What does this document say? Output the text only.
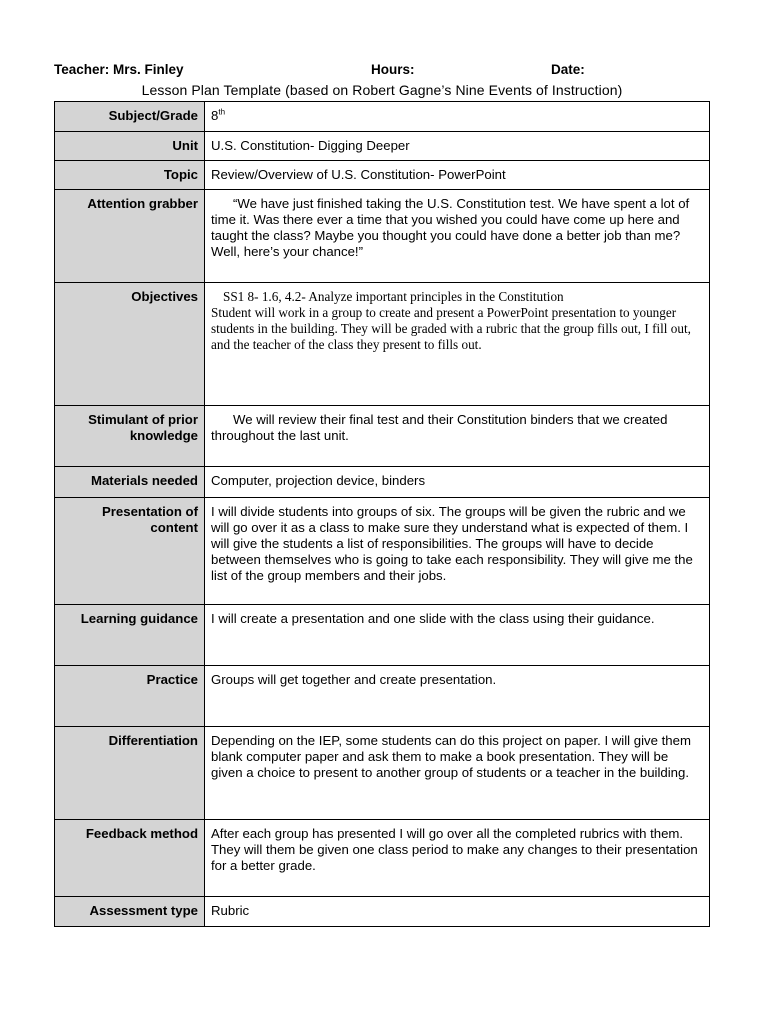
Teacher: Mrs. Finley	Hours:	Date:
Lesson Plan Template (based on Robert Gagne’s Nine Events of Instruction)
Subject/Grade	8th
Unit	U.S. Constitution- Digging Deeper
Topic	Review/Overview of U.S. Constitution- PowerPoint
Attention grabber	“We have just finished taking the U.S. Constitution test. We have spent a lot of time it. Was there ever a time that you wished you could have come up here and taught the class? Maybe you thought you could have done a better job than me? Well, here’s your chance!”
Objectives	SS1 8- 1.6, 4.2- Analyze important principles in the Constitution
Student will work in a group to create and present a PowerPoint presentation to younger students in the building. They will be graded with a rubric that the group fills out, I fill out, and the teacher of the class they present to fills out.

Stimulant of prior knowledge	We will review their final test and their Constitution binders that we created throughout the last unit.
Materials needed	Computer, projection device, binders
Presentation of content	I will divide students into groups of six. The groups will be given the rubric and we will go over it as a class to make sure they understand what is expected of them. I will give the students a list of responsibilities. The groups will have to decide between themselves who is going to take each responsibility. They will give me the list of the group members and their jobs.
Learning guidance	I will create a presentation and one slide with the class using their guidance.
Practice	Groups will get together and create presentation.
Differentiation	Depending on the IEP, some students can do this project on paper. I will give them blank computer paper and ask them to make a book presentation. They will be given a choice to present to another group of students or a teacher in the building.
Feedback method	After each group has presented I will go over all the completed rubrics with them. They will them be given one class period to make any changes to their presentation for a better grade.
Assessment type	Rubric
